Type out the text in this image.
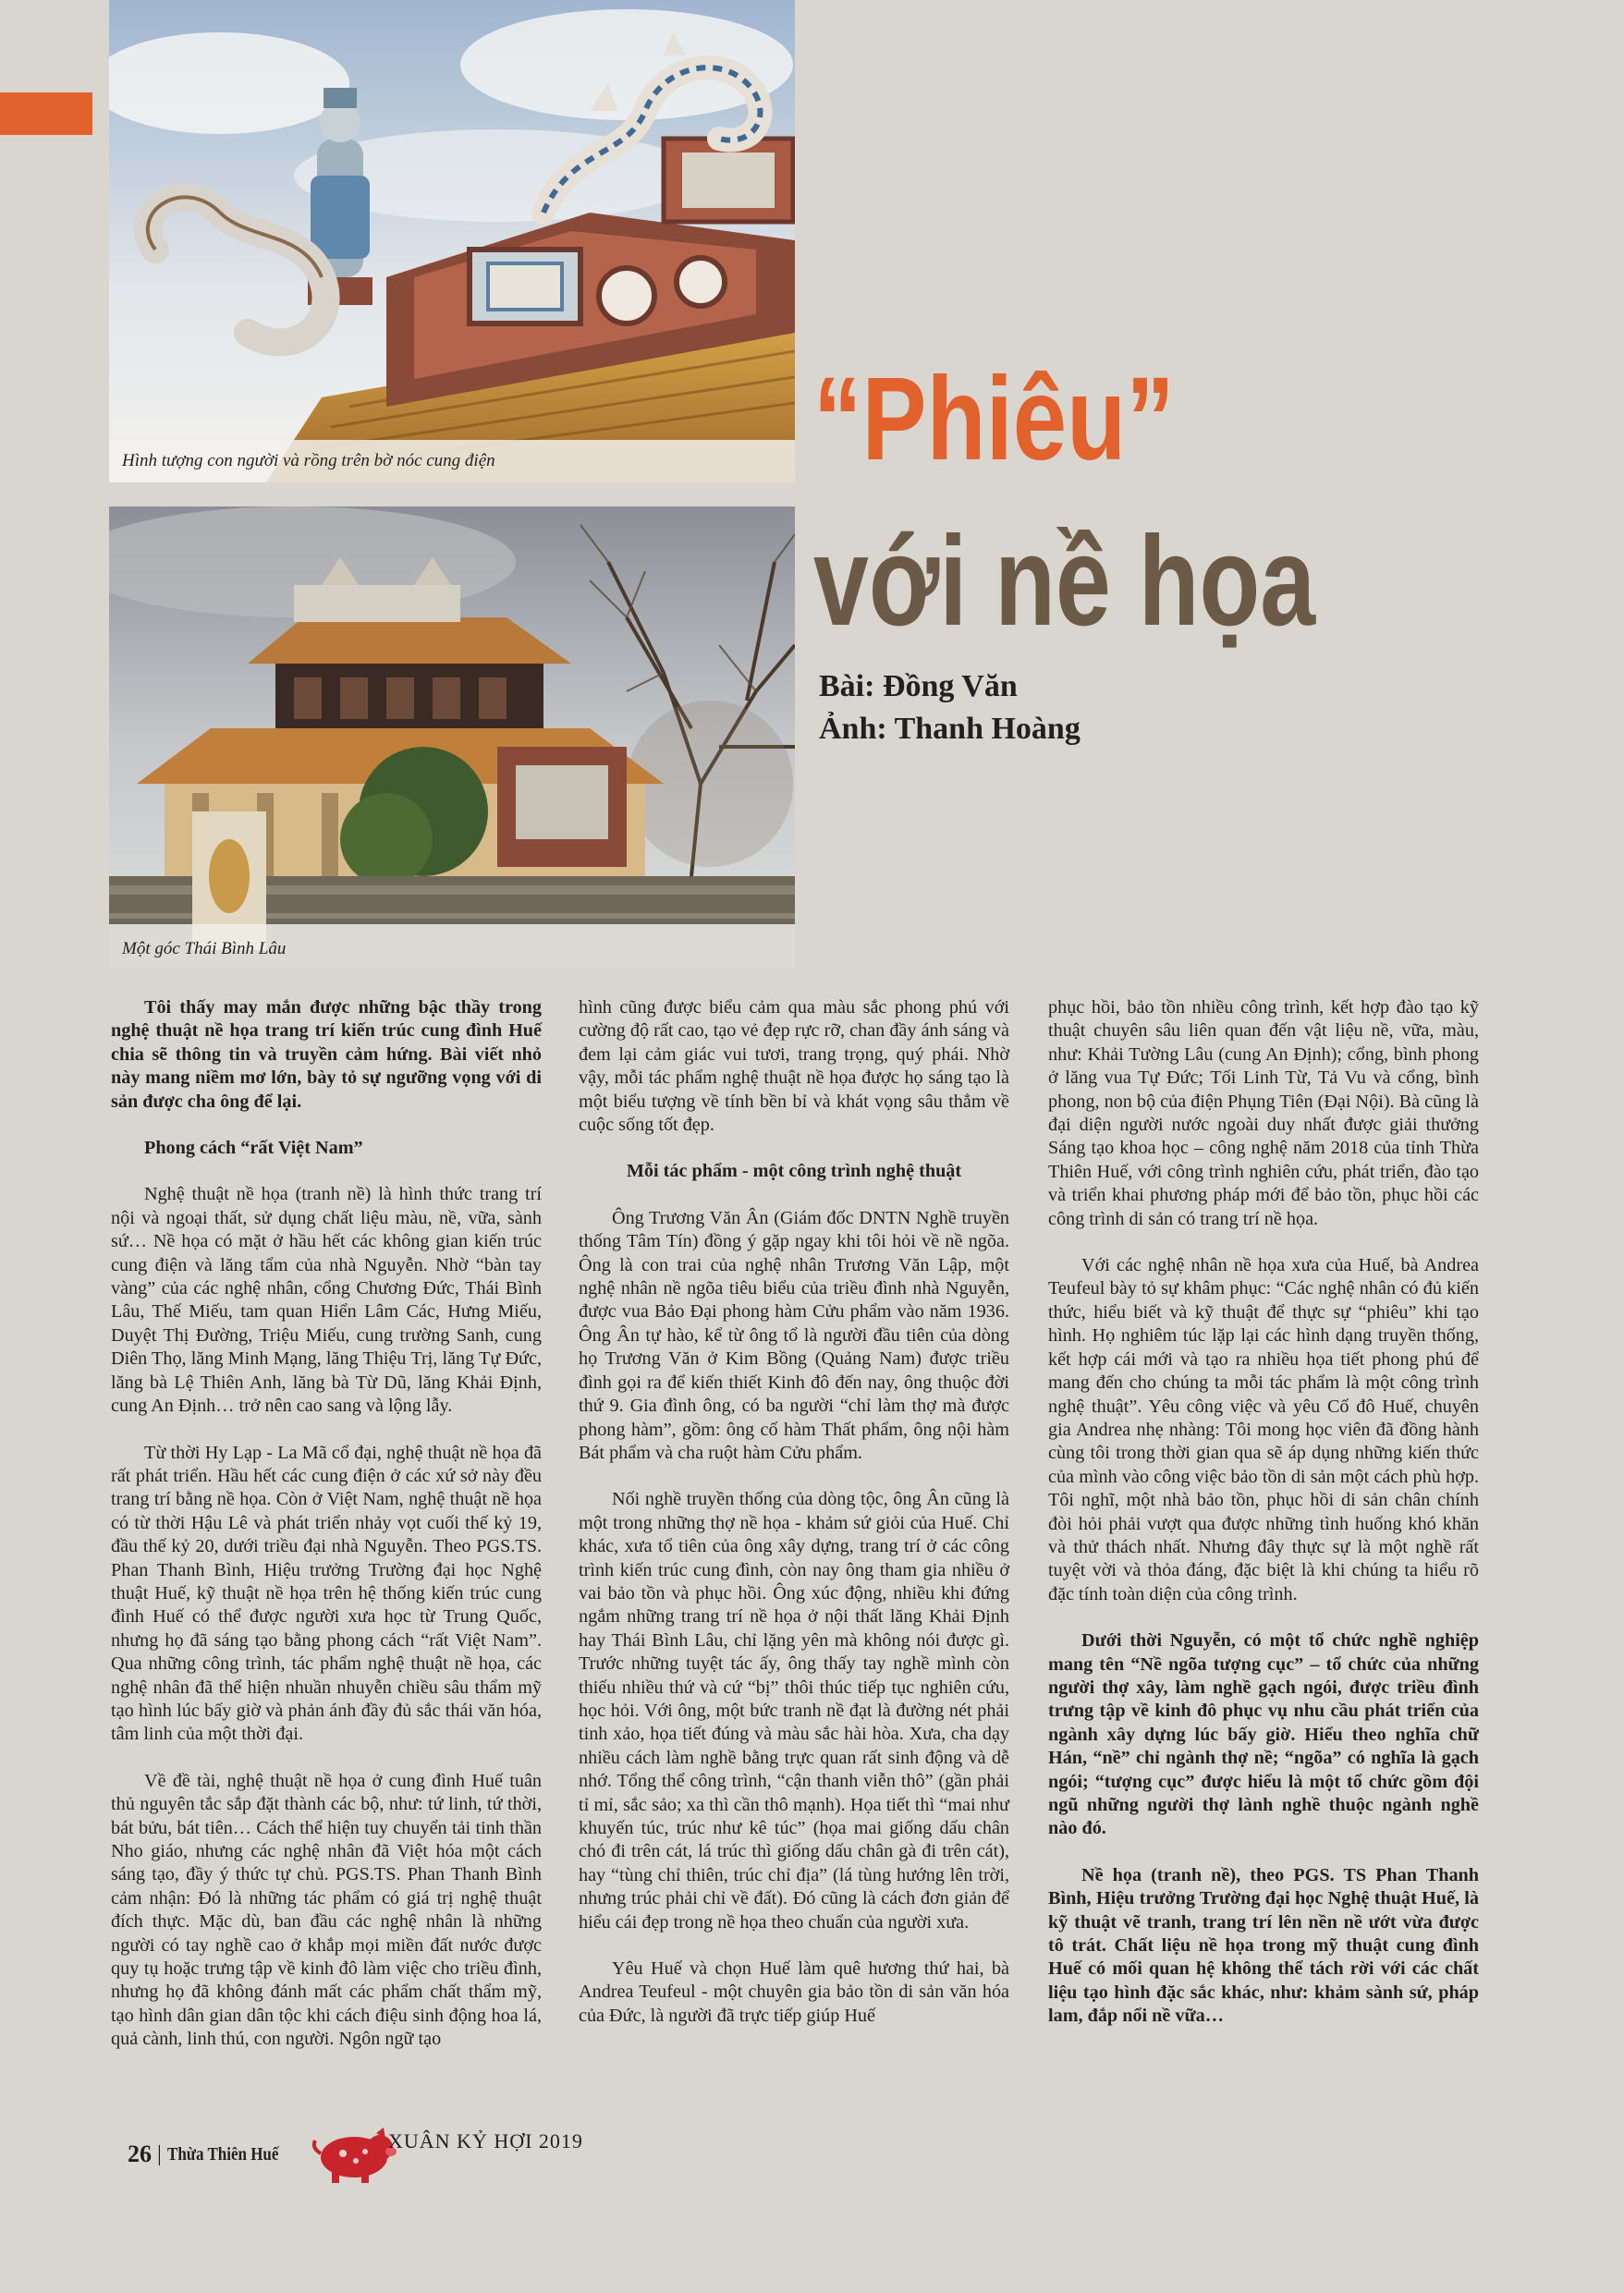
Hình tượng con người và rồng trên bờ nóc cung điện
Một góc Thái Bình Lâu
“Phiêu”
với nề họa
Bài: Đồng Văn
Ảnh: Thanh Hoàng

Tôi thấy may mắn được những bậc thầy trong nghệ thuật nề họa trang trí kiến trúc cung đình Huế chia sẽ thông tin và truyền cảm hứng. Bài viết nhỏ này mang niềm mơ lớn, bày tỏ sự ngưỡng vọng với di sản được cha ông để lại.

Phong cách “rất Việt Nam”

Nghệ thuật nề họa (tranh nề) là hình thức trang trí nội và ngoại thất, sử dụng chất liệu màu, nề, vữa, sành sứ… Nề họa có mặt ở hầu hết các không gian kiến trúc cung điện và lăng tẩm của nhà Nguyễn. Nhờ “bàn tay vàng” của các nghệ nhân, cổng Chương Đức, Thái Bình Lâu, Thế Miếu, tam quan Hiển Lâm Các, Hưng Miếu, Duyệt Thị Đường, Triệu Miếu, cung trường Sanh, cung Diên Thọ, lăng Minh Mạng, lăng Thiệu Trị, lăng Tự Đức, lăng bà Lệ Thiên Anh, lăng bà Từ Dũ, lăng Khải Định, cung An Định… trở nên cao sang và lộng lẫy.

Từ thời Hy Lạp - La Mã cổ đại, nghệ thuật nề họa đã rất phát triển. Hầu hết các cung điện ở các xứ sở này đều trang trí bằng nề họa. Còn ở Việt Nam, nghệ thuật nề họa có từ thời Hậu Lê và phát triển nhảy vọt cuối thế kỷ 19, đầu thế kỷ 20, dưới triều đại nhà Nguyễn. Theo PGS.TS. Phan Thanh Bình, Hiệu trưởng Trường đại học Nghệ thuật Huế, kỹ thuật nề họa trên hệ thống kiến trúc cung đình Huế có thể được người xưa học từ Trung Quốc, nhưng họ đã sáng tạo bằng phong cách “rất Việt Nam”. Qua những công trình, tác phẩm nghệ thuật nề họa, các nghệ nhân đã thể hiện nhuần nhuyễn chiều sâu thẩm mỹ tạo hình lúc bấy giờ và phản ánh đầy đủ sắc thái văn hóa, tâm linh của một thời đại.

Về đề tài, nghệ thuật nề họa ở cung đình Huế tuân thủ nguyên tắc sắp đặt thành các bộ, như: tứ linh, tứ thời, bát bửu, bát tiên… Cách thể hiện tuy chuyển tải tinh thần Nho giáo, nhưng các nghệ nhân đã Việt hóa một cách sáng tạo, đầy ý thức tự chủ. PGS.TS. Phan Thanh Bình cảm nhận: Đó là những tác phẩm có giá trị nghệ thuật đích thực. Mặc dù, ban đầu các nghệ nhân là những người có tay nghề cao ở khắp mọi miền đất nước được quy tụ hoặc trưng tập về kinh đô làm việc cho triều đình, nhưng họ đã không đánh mất các phẩm chất thẩm mỹ, tạo hình dân gian dân tộc khi cách điệu sinh động hoa lá, quả cành, linh thú, con người. Ngôn ngữ tạo

hình cũng được biểu cảm qua màu sắc phong phú với cường độ rất cao, tạo vẻ đẹp rực rỡ, chan đầy ánh sáng và đem lại cảm giác vui tươi, trang trọng, quý phái. Nhờ vậy, mỗi tác phẩm nghệ thuật nề họa được họ sáng tạo là một biểu tượng về tính bền bỉ và khát vọng sâu thẳm về cuộc sống tốt đẹp.

Mỗi tác phẩm - một công trình nghệ thuật

Ông Trương Văn Ân (Giám đốc DNTN Nghề truyền thống Tâm Tín) đồng ý gặp ngay khi tôi hỏi về nề ngõa. Ông là con trai của nghệ nhân Trương Văn Lập, một nghệ nhân nề ngõa tiêu biểu của triều đình nhà Nguyễn, được vua Bảo Đại phong hàm Cửu phẩm vào năm 1936. Ông Ân tự hào, kể từ ông tổ là người đầu tiên của dòng họ Trương Văn ở Kim Bồng (Quảng Nam) được triều đình gọi ra để kiến thiết Kinh đô đến nay, ông thuộc đời thứ 9. Gia đình ông, có ba người “chỉ làm thợ mà được phong hàm”, gồm: ông cố hàm Thất phẩm, ông nội hàm Bát phẩm và cha ruột hàm Cửu phẩm.

Nối nghề truyền thống của dòng tộc, ông Ân cũng là một trong những thợ nề họa - khảm sứ giỏi của Huế. Chỉ khác, xưa tổ tiên của ông xây dựng, trang trí ở các công trình kiến trúc cung đình, còn nay ông tham gia nhiều ở vai bảo tồn và phục hồi. Ông xúc động, nhiều khi đứng ngắm những trang trí nề họa ở nội thất lăng Khải Định hay Thái Bình Lâu, chỉ lặng yên mà không nói được gì. Trước những tuyệt tác ấy, ông thấy tay nghề mình còn thiếu nhiều thứ và cứ “bị” thôi thúc tiếp tục nghiên cứu, học hỏi. Với ông, một bức tranh nề đạt là đường nét phải tinh xảo, họa tiết đúng và màu sắc hài hòa. Xưa, cha dạy nhiều cách làm nghề bằng trực quan rất sinh động và dễ nhớ. Tổng thể công trình, “cận thanh viễn thô” (gần phải tỉ mỉ, sắc sảo; xa thì cần thô mạnh). Họa tiết thì “mai như khuyến túc, trúc như kê túc” (họa mai giống dấu chân chó đi trên cát, lá trúc thì giống dấu chân gà đi trên cát), hay “tùng chỉ thiên, trúc chỉ địa” (lá tùng hướng lên trời, nhưng trúc phải chỉ về đất). Đó cũng là cách đơn giản để hiểu cái đẹp trong nề họa theo chuẩn của người xưa.

Yêu Huế và chọn Huế làm quê hương thứ hai, bà Andrea Teufeul - một chuyên gia bảo tồn di sản văn hóa của Đức, là người đã trực tiếp giúp Huế

phục hồi, bảo tồn nhiều công trình, kết hợp đào tạo kỹ thuật chuyên sâu liên quan đến vật liệu nề, vữa, màu, như: Khải Tường Lâu (cung An Định); cổng, bình phong ở lăng vua Tự Đức; Tối Linh Từ, Tả Vu và cổng, bình phong, non bộ của điện Phụng Tiên (Đại Nội). Bà cũng là đại diện người nước ngoài duy nhất được giải thưởng Sáng tạo khoa học – công nghệ năm 2018 của tỉnh Thừa Thiên Huế, với công trình nghiên cứu, phát triển, đào tạo và triển khai phương pháp mới để bảo tồn, phục hồi các công trình di sản có trang trí nề họa.

Với các nghệ nhân nề họa xưa của Huế, bà Andrea Teufeul bày tỏ sự khâm phục: “Các nghệ nhân có đủ kiến thức, hiểu biết và kỹ thuật để thực sự “phiêu” khi tạo hình. Họ nghiêm túc lặp lại các hình dạng truyền thống, kết hợp cái mới và tạo ra nhiều họa tiết phong phú để mang đến cho chúng ta mỗi tác phẩm là một công trình nghệ thuật”. Yêu công việc và yêu Cố đô Huế, chuyên gia Andrea nhẹ nhàng: Tôi mong học viên đã đồng hành cùng tôi trong thời gian qua sẽ áp dụng những kiến thức của mình vào công việc bảo tồn di sản một cách phù hợp. Tôi nghĩ, một nhà bảo tồn, phục hồi di sản chân chính đòi hỏi phải vượt qua được những tình huống khó khăn và thử thách nhất. Nhưng đây thực sự là một nghề rất tuyệt vời và thỏa đáng, đặc biệt là khi chúng ta hiểu rõ đặc tính toàn diện của công trình.

Dưới thời Nguyễn, có một tổ chức nghề nghiệp mang tên “Nề ngõa tượng cục” – tổ chức của những người thợ xây, làm nghề gạch ngói, được triều đình trưng tập về kinh đô phục vụ nhu cầu phát triển của ngành xây dựng lúc bấy giờ. Hiểu theo nghĩa chữ Hán, “nề” chỉ ngành thợ nề; “ngõa” có nghĩa là gạch ngói; “tượng cục” được hiểu là một tổ chức gồm đội ngũ những người thợ lành nghề thuộc ngành nghề nào đó.

Nề họa (tranh nề), theo PGS. TS Phan Thanh Bình, Hiệu trưởng Trường đại học Nghệ thuật Huế, là kỹ thuật vẽ tranh, trang trí lên nền nề ướt vừa được tô trát. Chất liệu nề họa trong mỹ thuật cung đình Huế có mối quan hệ không thể tách rời với các chất liệu tạo hình đặc sắc khác, như: khảm sành sứ, pháp lam, đắp nổi nề vữa…

26 | Thừa Thiên Huế
XUÂN KỶ HỢI 2019
